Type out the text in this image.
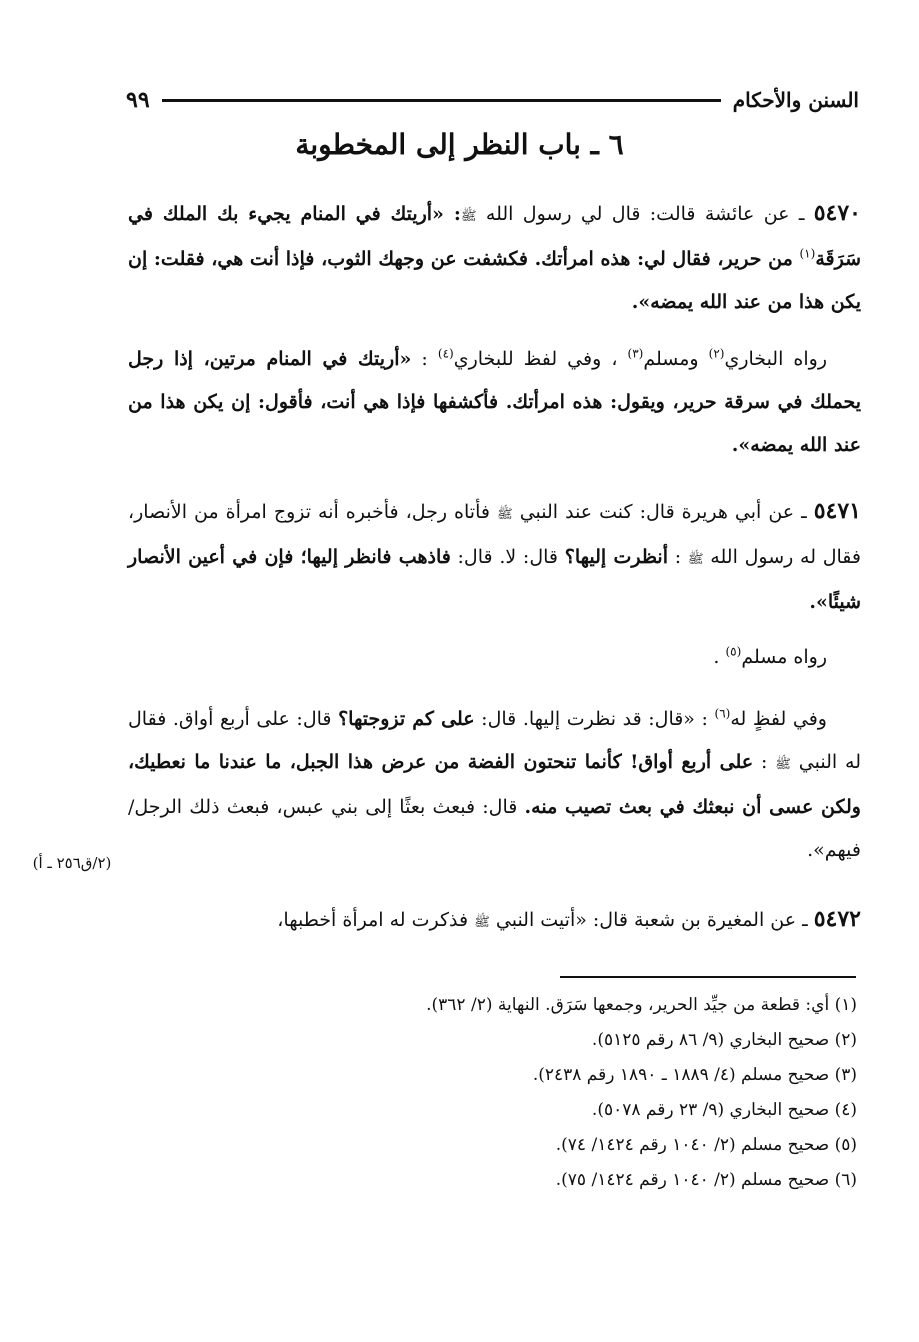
السنن والأحكام
٩٩
٦ ـ باب النظر إلى المخطوبة
٥٤٧٠ ـ عن عائشة قالت: قال لي رسول الله ﷺ: «أريتك في المنام يجيء بك الملك في سَرَقَة$^{(١)}$ من حرير، فقال لي: هذه امرأتك. فكشفت عن وجهك الثوب، فإذا أنت هي، فقلت: إن يكن هذا من عند الله يمضه».
رواه البخاري$^{(٢)}$ ومسلم$^{(٣)}$ ، وفي لفظ للبخاري$^{(٤)}$ : «أريتك في المنام مرتين، إذا رجل يحملك في سرقة حرير، ويقول: هذه امرأتك. فأكشفها فإذا هي أنت، فأقول: إن يكن هذا من عند الله يمضه».
٥٤٧١ ـ عن أبي هريرة قال: كنت عند النبي ﷺ فأتاه رجل، فأخبره أنه تزوج امرأة من الأنصار، فقال له رسول الله ﷺ : أنظرت إليها؟ قال: لا. قال: فاذهب فانظر إليها؛ فإن في أعين الأنصار شيئًا».
رواه مسلم$^{(٥)}$ .
وفي لفظٍ له$^{(٦)}$ : «قال: قد نظرت إليها. قال: على كم تزوجتها؟ قال: على أربع أواق. فقال له النبي ﷺ : على أربع أواق! كأنما تنحتون الفضة من عرض هذا الجبل، ما عندنا ما نعطيك، ولكن عسى أن نبعثك في بعث تصيب منه. قال: فبعث بعثًا إلى بني عبس، فبعث ذلك الرجل/ فيهم».
(٢/ق٢٥٦ ـ أ)
٥٤٧٢ ـ عن المغيرة بن شعبة قال: «أتيت النبي ﷺ فذكرت له امرأة أخطبها،
(١) أي: قطعة من جيِّد الحرير، وجمعها سَرَق. النهاية (٢/ ٣٦٢).
(٢) صحيح البخاري (٩/ ٨٦ رقم ٥١٢٥).
(٣) صحيح مسلم (٤/ ١٨٨٩ ـ ١٨٩٠ رقم ٢٤٣٨).
(٤) صحيح البخاري (٩/ ٢٣ رقم ٥٠٧٨).
(٥) صحيح مسلم (٢/ ١٠٤٠ رقم ١٤٢٤/ ٧٤).
(٦) صحيح مسلم (٢/ ١٠٤٠ رقم ١٤٢٤/ ٧٥).
